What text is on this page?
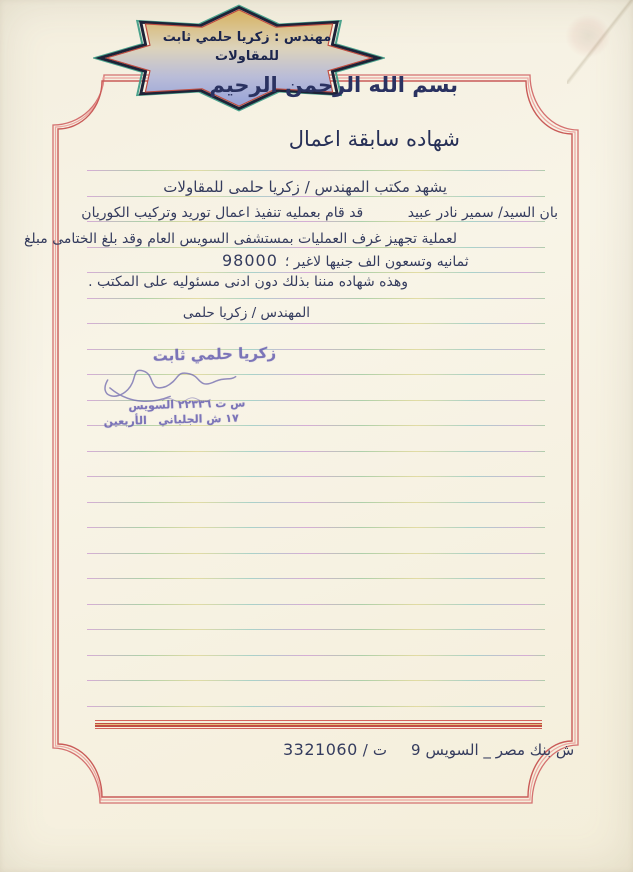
مهندس : زكريا حلمي ثابت
للمقاولات
بسم الله الرحمن الرحيم
شهاده سابقة اعمال
يشهد مكتب المهندس / زكريا حلمى للمقاولات
بان السيد/ سمير نادر عبيد          قد قام بعمليه تنفيذ اعمال توريد وتركيب الكوريان
لعملية تجهيز غرف العمليات بمستشفى السويس العام وقد بلغ الختامى مبلغ
98000 ثمانيه وتسعون الف جنيها لاغير ؛
وهذه شهاده مننا بذلك دون ادنى مسئوليه على المكتب .
المهندس / زكريا حلمى
زكريا حلمي ثابت
س ت ٢٢٣٣٦ السويس
١٧ ش الجلباني   الأربعين
3321060 / ت 9 ش بنك مصر _ السويس
